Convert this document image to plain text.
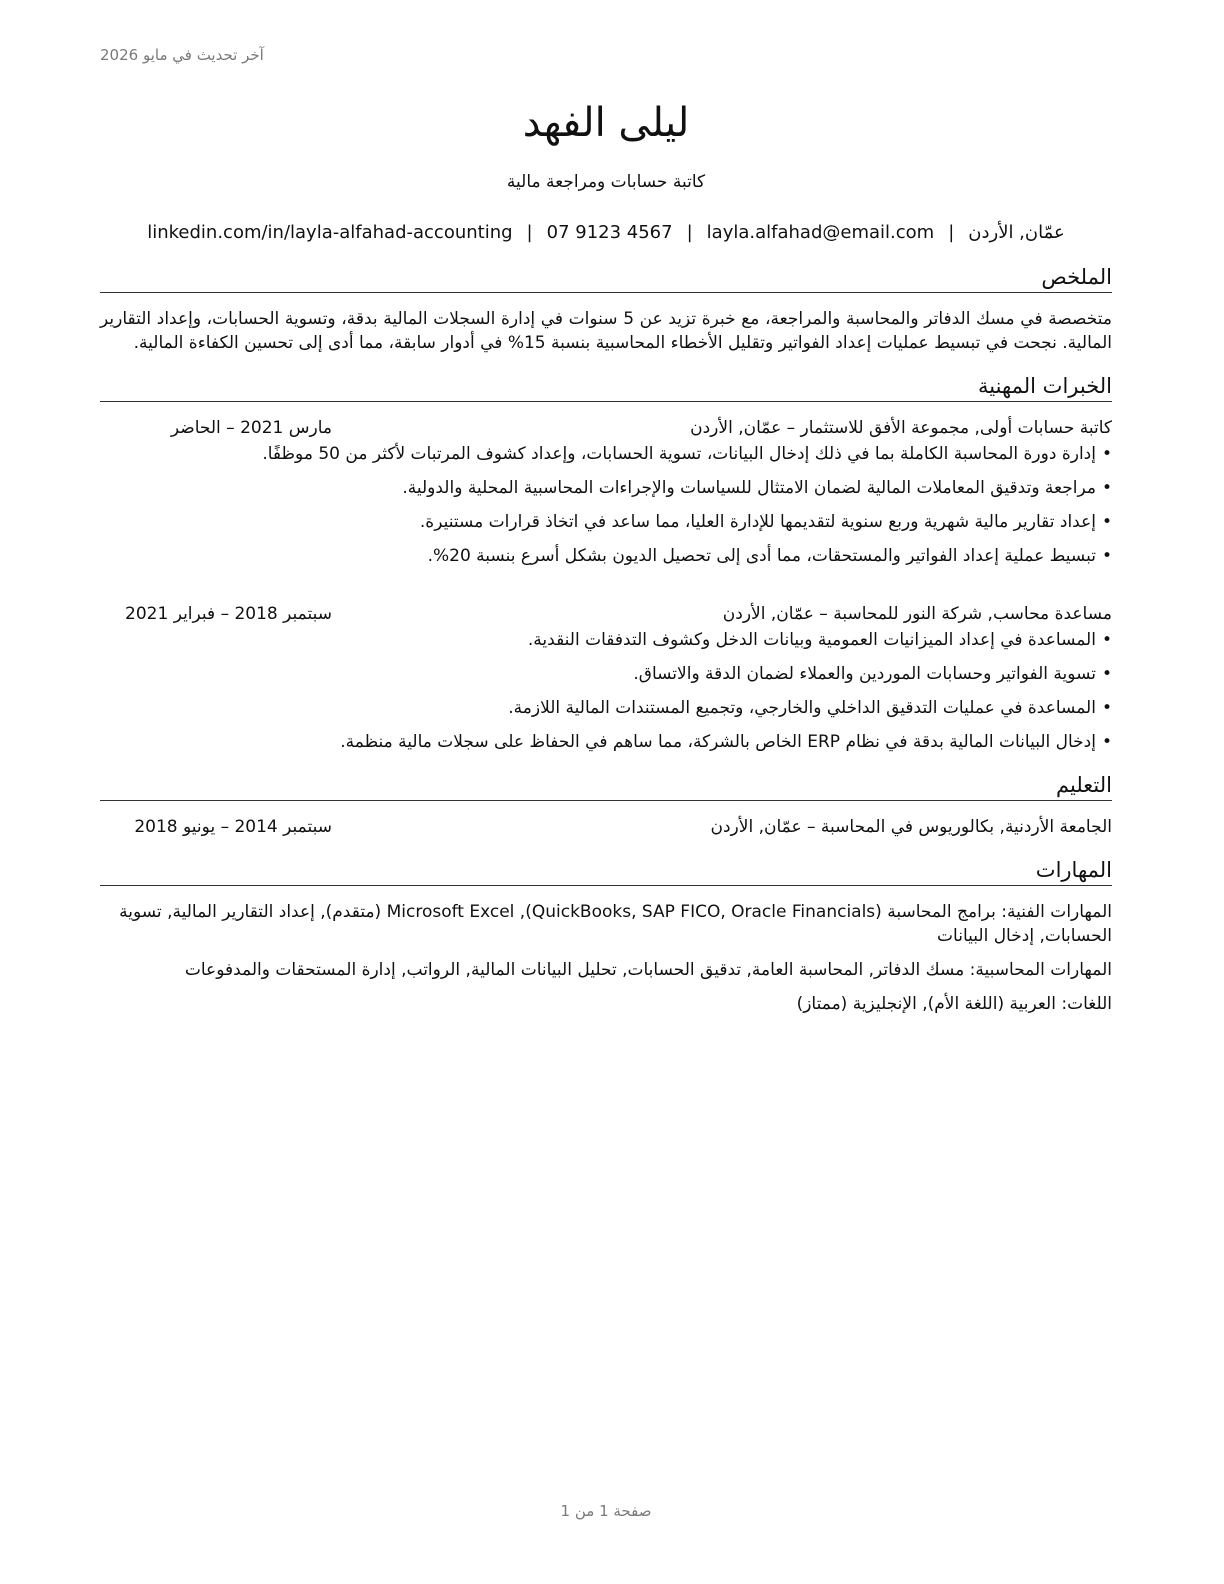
آخر تحديث في مايو 2026
ليلى الفهد
كاتبة حسابات ومراجعة مالية
عمّان, الأردن|layla.alfahad@email.com|07 9123 4567|linkedin.com/in/layla-alfahad-accounting
الملخص
متخصصة في مسك الدفاتر والمحاسبة والمراجعة، مع خبرة تزيد عن 5 سنوات في إدارة السجلات المالية بدقة، وتسوية الحسابات، وإعداد التقارير المالية. نجحت في تبسيط عمليات إعداد الفواتير وتقليل الأخطاء المحاسبية بنسبة 15% في أدوار سابقة، مما أدى إلى تحسين الكفاءة المالية.
الخبرات المهنية
كاتبة حسابات أولى, مجموعة الأفق للاستثمار – عمّان, الأردن
مارس 2021 – الحاضر
• إدارة دورة المحاسبة الكاملة بما في ذلك إدخال البيانات، تسوية الحسابات، وإعداد كشوف المرتبات لأكثر من 50 موظفًا.
• مراجعة وتدقيق المعاملات المالية لضمان الامتثال للسياسات والإجراءات المحاسبية المحلية والدولية.
• إعداد تقارير مالية شهرية وربع سنوية لتقديمها للإدارة العليا، مما ساعد في اتخاذ قرارات مستنيرة.
• تبسيط عملية إعداد الفواتير والمستحقات، مما أدى إلى تحصيل الديون بشكل أسرع بنسبة 20%.
مساعدة محاسب, شركة النور للمحاسبة – عمّان, الأردن
سبتمبر 2018 – فبراير 2021
• المساعدة في إعداد الميزانيات العمومية وبيانات الدخل وكشوف التدفقات النقدية.
• تسوية الفواتير وحسابات الموردين والعملاء لضمان الدقة والاتساق.
• المساعدة في عمليات التدقيق الداخلي والخارجي، وتجميع المستندات المالية اللازمة.
• إدخال البيانات المالية بدقة في نظام ERP الخاص بالشركة، مما ساهم في الحفاظ على سجلات مالية منظمة.
التعليم
الجامعة الأردنية, بكالوريوس في المحاسبة – عمّان, الأردن
سبتمبر 2014 – يونيو 2018
المهارات
المهارات الفنية: برامج المحاسبة (QuickBooks, SAP FICO, Oracle Financials), Microsoft Excel (متقدم), إعداد التقارير المالية, تسوية الحسابات, إدخال البيانات
المهارات المحاسبية: مسك الدفاتر, المحاسبة العامة, تدقيق الحسابات, تحليل البيانات المالية, الرواتب, إدارة المستحقات والمدفوعات
اللغات: العربية (اللغة الأم), الإنجليزية (ممتاز)
صفحة 1 من 1
